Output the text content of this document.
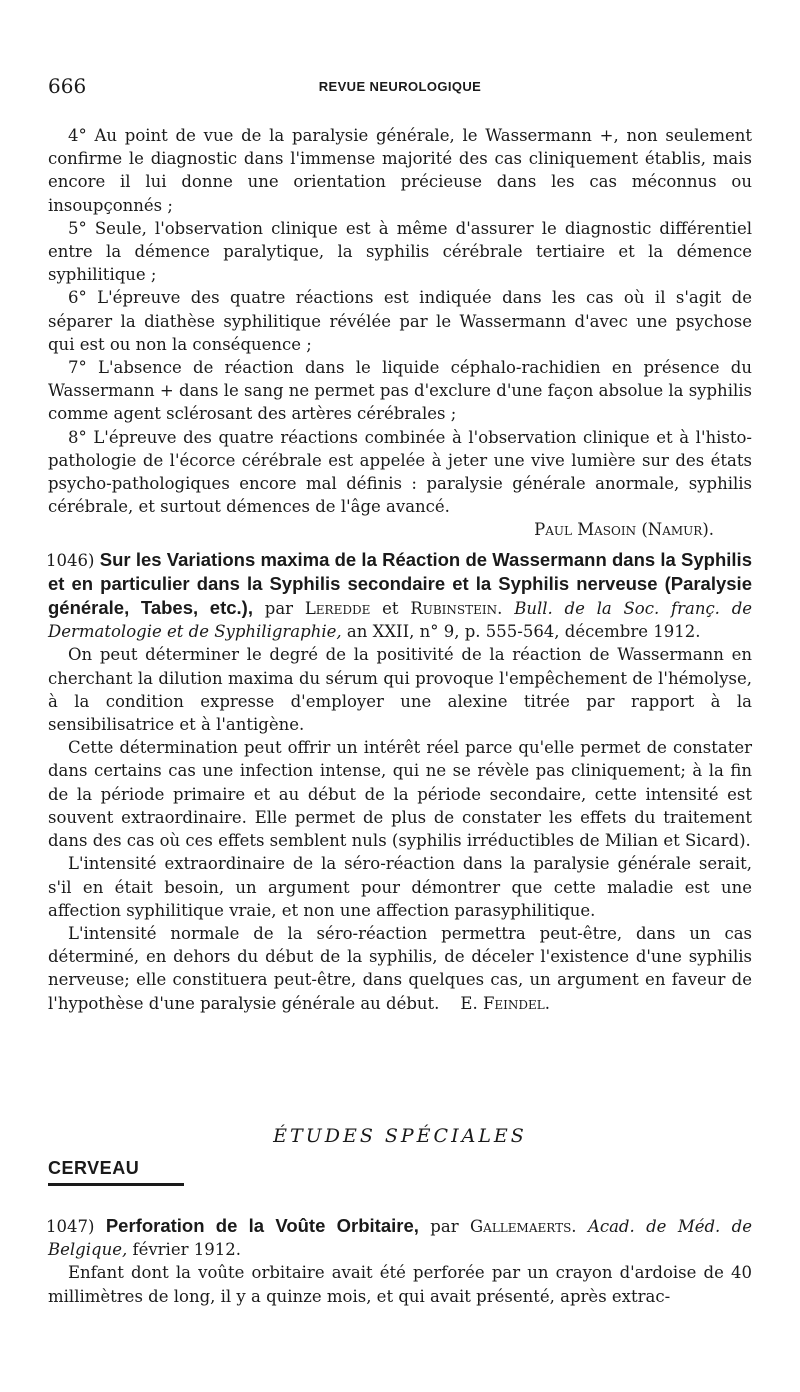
666	REVUE NEUROLOGIQUE

4° Au point de vue de la paralysie générale, le Wassermann +, non seulement confirme le diagnostic dans l'immense majorité des cas cliniquement établis, mais encore il lui donne une orientation précieuse dans les cas méconnus ou insoupçonnés ;

5° Seule, l'observation clinique est à même d'assurer le diagnostic différentiel entre la démence paralytique, la syphilis cérébrale tertiaire et la démence syphilitique ;

6° L'épreuve des quatre réactions est indiquée dans les cas où il s'agit de séparer la diathèse syphilitique révélée par le Wassermann d'avec une psychose qui est ou non la conséquence ;

7° L'absence de réaction dans le liquide céphalo-rachidien en présence du Wassermann + dans le sang ne permet pas d'exclure d'une façon absolue la syphilis comme agent sclérosant des artères cérébrales ;

8° L'épreuve des quatre réactions combinée à l'observation clinique et à l'histo-pathologie de l'écorce cérébrale est appelée à jeter une vive lumière sur des états psycho-pathologiques encore mal définis : paralysie générale anormale, syphilis cérébrale, et surtout démences de l'âge avancé.

Paul Masoin (Namur).

1046) Sur les Variations maxima de la Réaction de Wassermann dans la Syphilis et en particulier dans la Syphilis secondaire et la Syphilis nerveuse (Paralysie générale, Tabes, etc.), par Leredde et Rubinstein. Bull. de la Soc. franç. de Dermatologie et de Syphiligraphie, an XXII, n° 9, p. 555-564, décembre 1912.

On peut déterminer le degré de la positivité de la réaction de Wassermann en cherchant la dilution maxima du sérum qui provoque l'empêchement de l'hémolyse, à la condition expresse d'employer une alexine titrée par rapport à la sensibilisatrice et à l'antigène.

Cette détermination peut offrir un intérêt réel parce qu'elle permet de constater dans certains cas une infection intense, qui ne se révèle pas cliniquement; à la fin de la période primaire et au début de la période secondaire, cette intensité est souvent extraordinaire. Elle permet de plus de constater les effets du traitement dans des cas où ces effets semblent nuls (syphilis irréductibles de Milian et Sicard).

L'intensité extraordinaire de la séro-réaction dans la paralysie générale serait, s'il en était besoin, un argument pour démontrer que cette maladie est une affection syphilitique vraie, et non une affection parasyphilitique.

L'intensité normale de la séro-réaction permettra peut-être, dans un cas déterminé, en dehors du début de la syphilis, de déceler l'existence d'une syphilis nerveuse; elle constituera peut-être, dans quelques cas, un argument en faveur de l'hypothèse d'une paralysie générale au début. E. Feindel.

ÉTUDES SPÉCIALES
CERVEAU

1047) Perforation de la Voûte Orbitaire, par Gallemaerts. Acad. de Méd. de Belgique, février 1912.

Enfant dont la voûte orbitaire avait été perforée par un crayon d'ardoise de 40 millimètres de long, il y a quinze mois, et qui avait présenté, après extrac-
